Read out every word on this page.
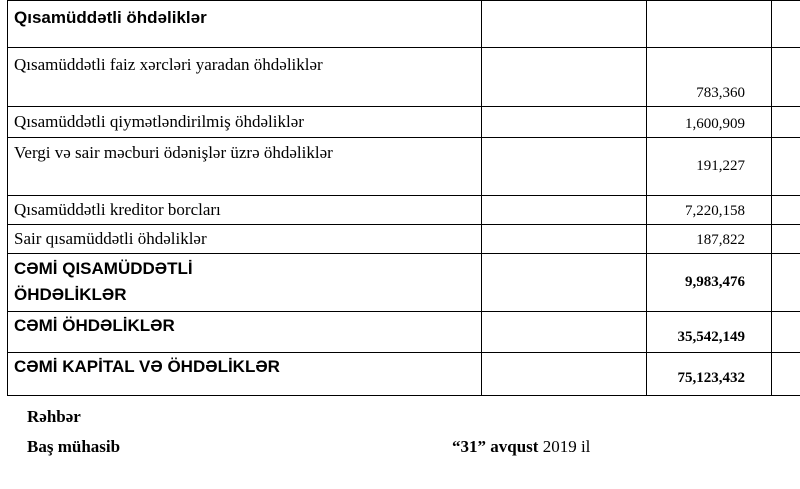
Qısamüddətli öhdəliklər			

Qısamüddətli faiz xərcləri yaradan öhdəliklər		783,360	

Qısamüddətli qiymətləndirilmiş öhdəliklər		1,600,909	

Vergi və sair məcburi ödənişlər üzrə öhdəliklər		191,227	

Qısamüddətli kreditor borcları		7,220,158	

Sair qısamüddətli öhdəliklər		187,822	

CƏMİ QISAMÜDDƏTLİ ÖHDƏLİKLƏR		9,983,476	

CƏMİ ÖHDƏLİKLƏR		35,542,149	

CƏMİ KAPİTAL VƏ ÖHDƏLİKLƏR		75,123,432	

Rəhbər
Baş mühasib	“31” avqust 2019 il
